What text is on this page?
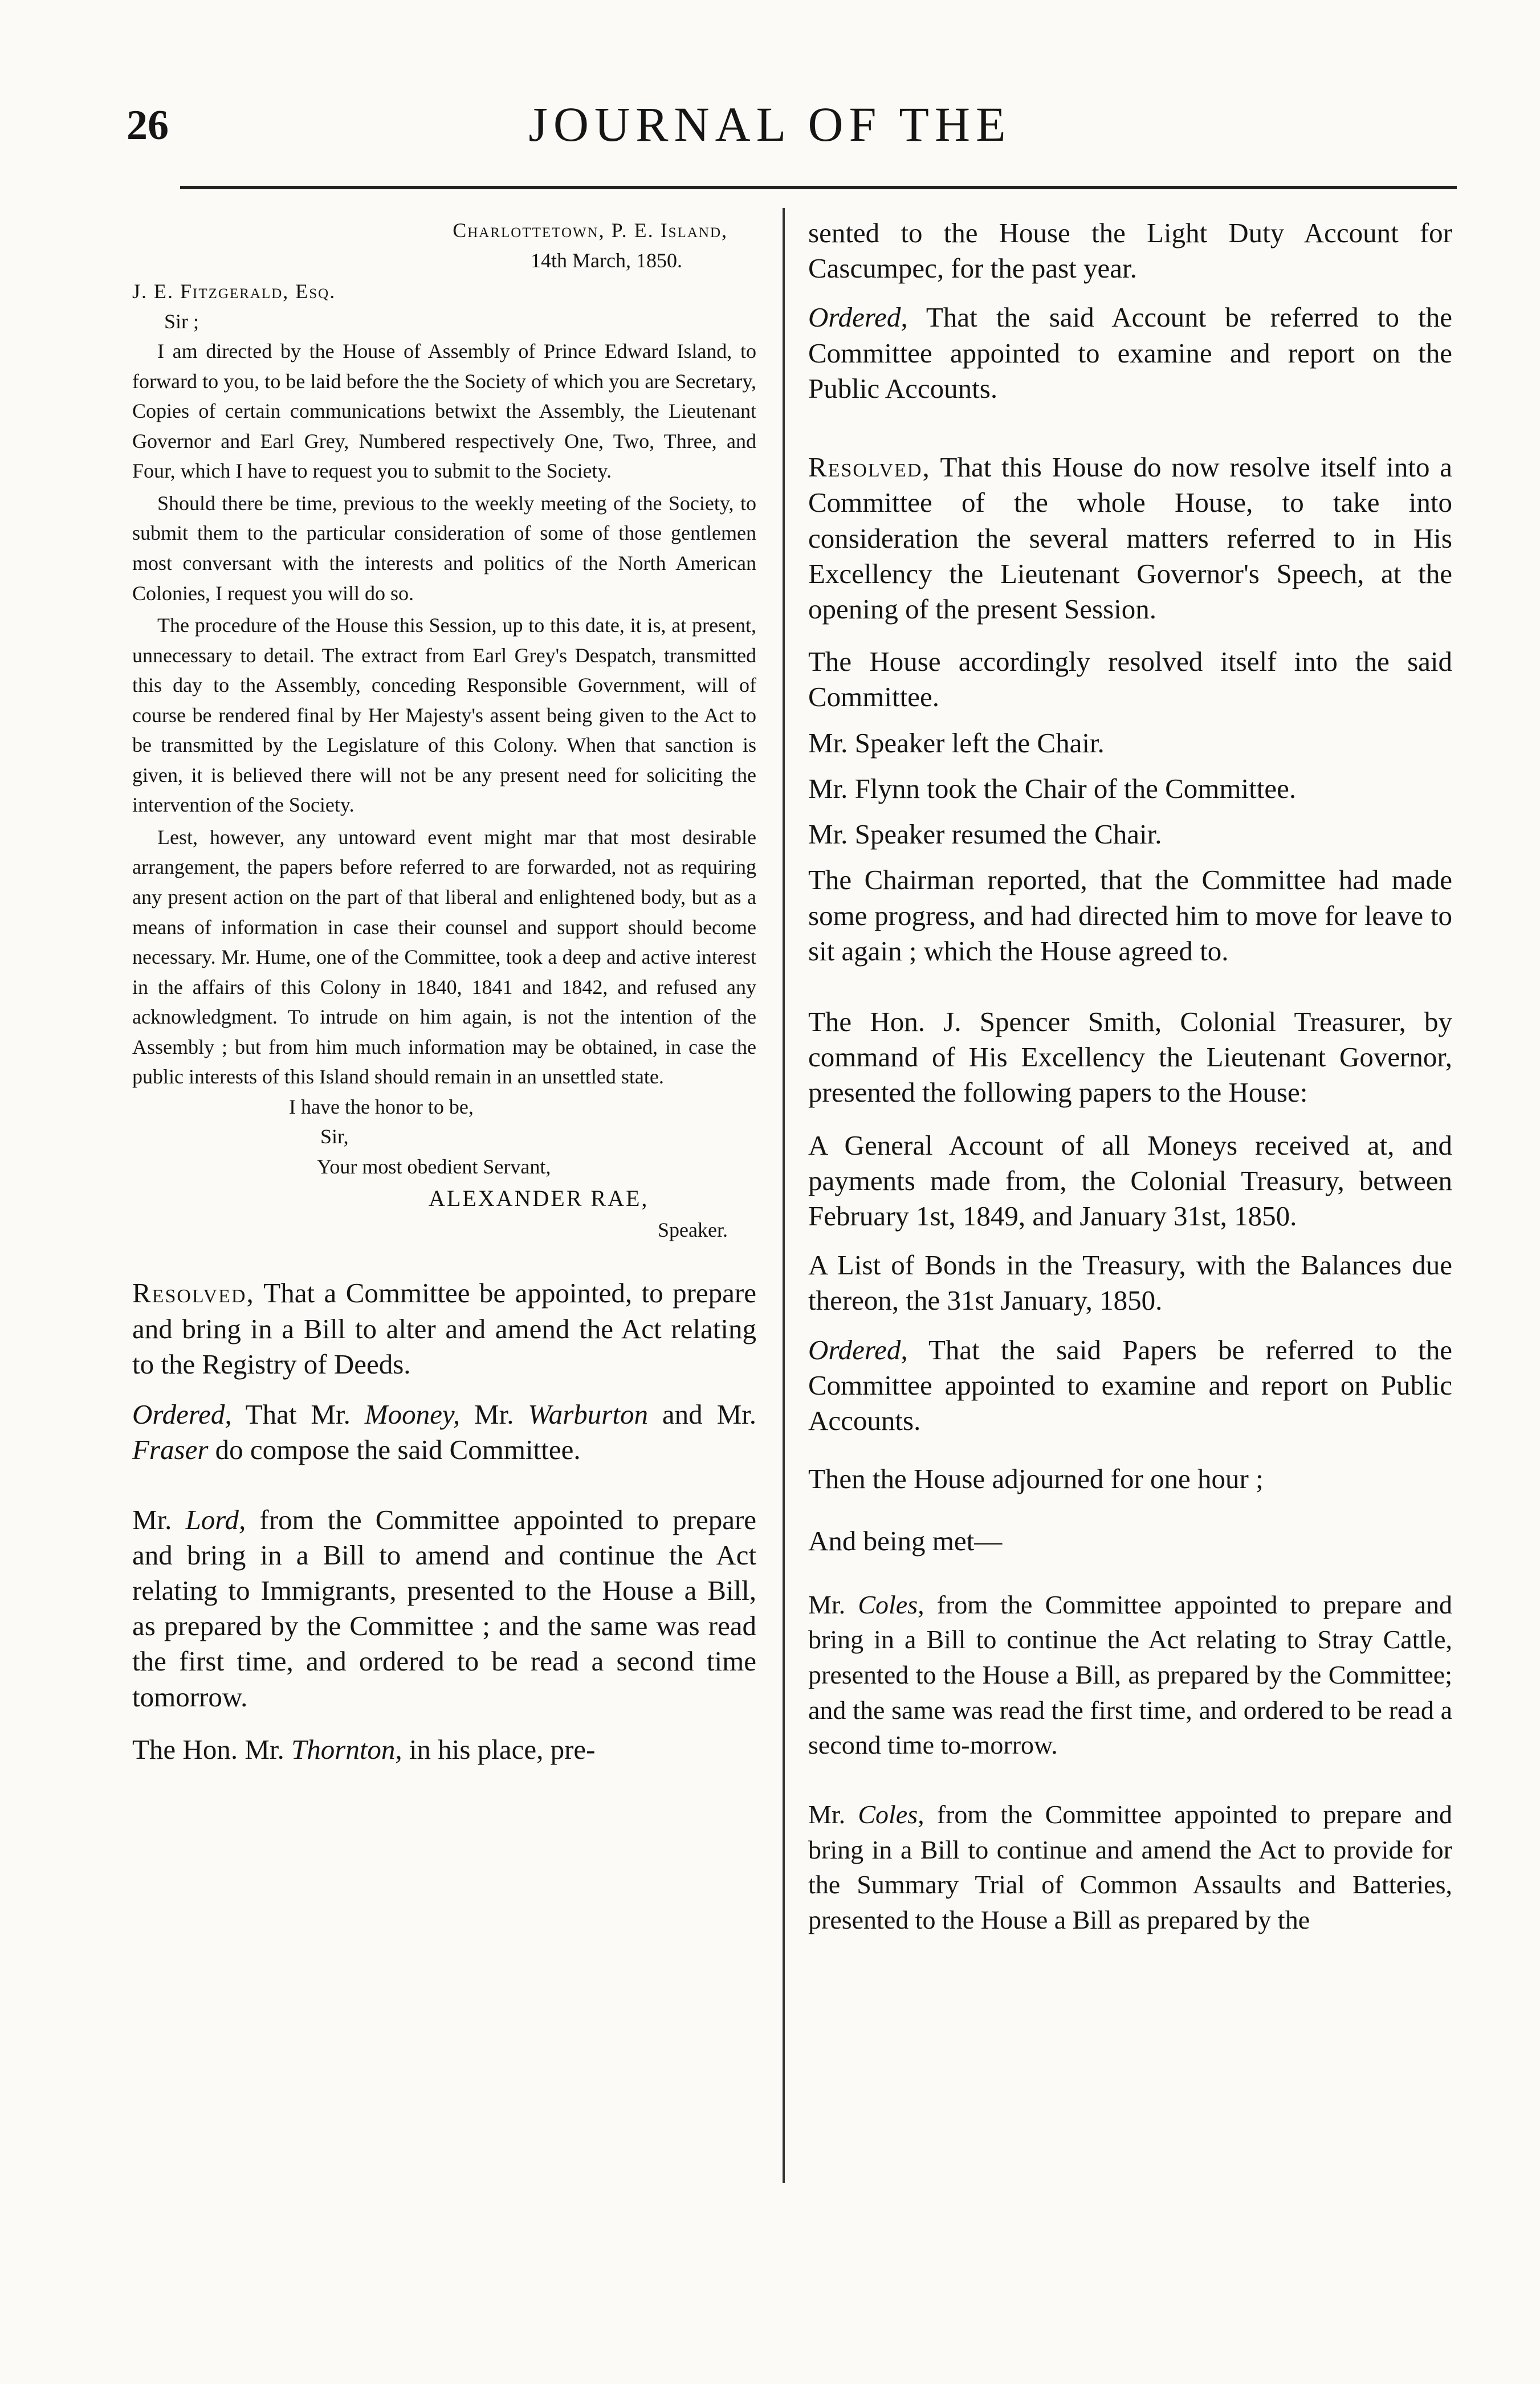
26	JOURNAL OF THE
Charlottetown, P. E. Island,
14th March, 1850.
J. E. Fitzgerald, Esq.
Sir ;

I am directed by the House of Assembly of Prince Edward Island, to forward to you, to be laid before the the Society of which you are Secretary, Copies of certain communications betwixt the Assembly, the Lieutenant Governor and Earl Grey, Numbered respectively One, Two, Three, and Four, which I have to request you to submit to the Society.

Should there be time, previous to the weekly meeting of the Society, to submit them to the particular consideration of some of those gentlemen most conversant with the interests and politics of the North American Colonies, I request you will do so.

The procedure of the House this Session, up to this date, it is, at present, unnecessary to detail. The extract from Earl Grey's Despatch, transmitted this day to the Assembly, conceding Responsible Government, will of course be rendered final by Her Majesty's assent being given to the Act to be transmitted by the Legislature of this Colony. When that sanction is given, it is believed there will not be any present need for soliciting the intervention of the Society.

Lest, however, any untoward event might mar that most desirable arrangement, the papers before referred to are forwarded, not as requiring any present action on the part of that liberal and enlightened body, but as a means of information in case their counsel and support should become necessary. Mr. Hume, one of the Committee, took a deep and active interest in the affairs of this Colony in 1840, 1841 and 1842, and refused any acknowledgment. To intrude on him again, is not the intention of the Assembly ; but from him much information may be obtained, in case the public interests of this Island should remain in an unsettled state.

I have the honor to be,
Sir,
Your most obedient Servant,
ALEXANDER RAE,
Speaker.

Resolved, That a Committee be appointed, to prepare and bring in a Bill to alter and amend the Act relating to the Registry of Deeds.

Ordered, That Mr. Mooney, Mr. Warburton and Mr. Fraser do compose the said Committee.

Mr. Lord, from the Committee appointed to prepare and bring in a Bill to amend and continue the Act relating to Immigrants, presented to the House a Bill, as prepared by the Committee ; and the same was read the first time, and ordered to be read a second time tomorrow.

The Hon. Mr. Thornton, in his place, pre-

sented to the House the Light Duty Account for Cascumpec, for the past year.

Ordered, That the said Account be referred to the Committee appointed to examine and report on the Public Accounts.

Resolved, That this House do now resolve itself into a Committee of the whole House, to take into consideration the several matters referred to in His Excellency the Lieutenant Governor's Speech, at the opening of the present Session.

The House accordingly resolved itself into the said Committee.

Mr. Speaker left the Chair.

Mr. Flynn took the Chair of the Committee.

Mr. Speaker resumed the Chair.

The Chairman reported, that the Committee had made some progress, and had directed him to move for leave to sit again ; which the House agreed to.

The Hon. J. Spencer Smith, Colonial Treasurer, by command of His Excellency the Lieutenant Governor, presented the following papers to the House:

A General Account of all Moneys received at, and payments made from, the Colonial Treasury, between February 1st, 1849, and January 31st, 1850.

A List of Bonds in the Treasury, with the Balances due thereon, the 31st January, 1850.

Ordered, That the said Papers be referred to the Committee appointed to examine and report on Public Accounts.

Then the House adjourned for one hour ;

And being met—

Mr. Coles, from the Committee appointed to prepare and bring in a Bill to continue the Act relating to Stray Cattle, presented to the House a Bill, as prepared by the Committee; and the same was read the first time, and ordered to be read a second time to-morrow.

Mr. Coles, from the Committee appointed to prepare and bring in a Bill to continue and amend the Act to provide for the Summary Trial of Common Assaults and Batteries, presented to the House a Bill as prepared by the
